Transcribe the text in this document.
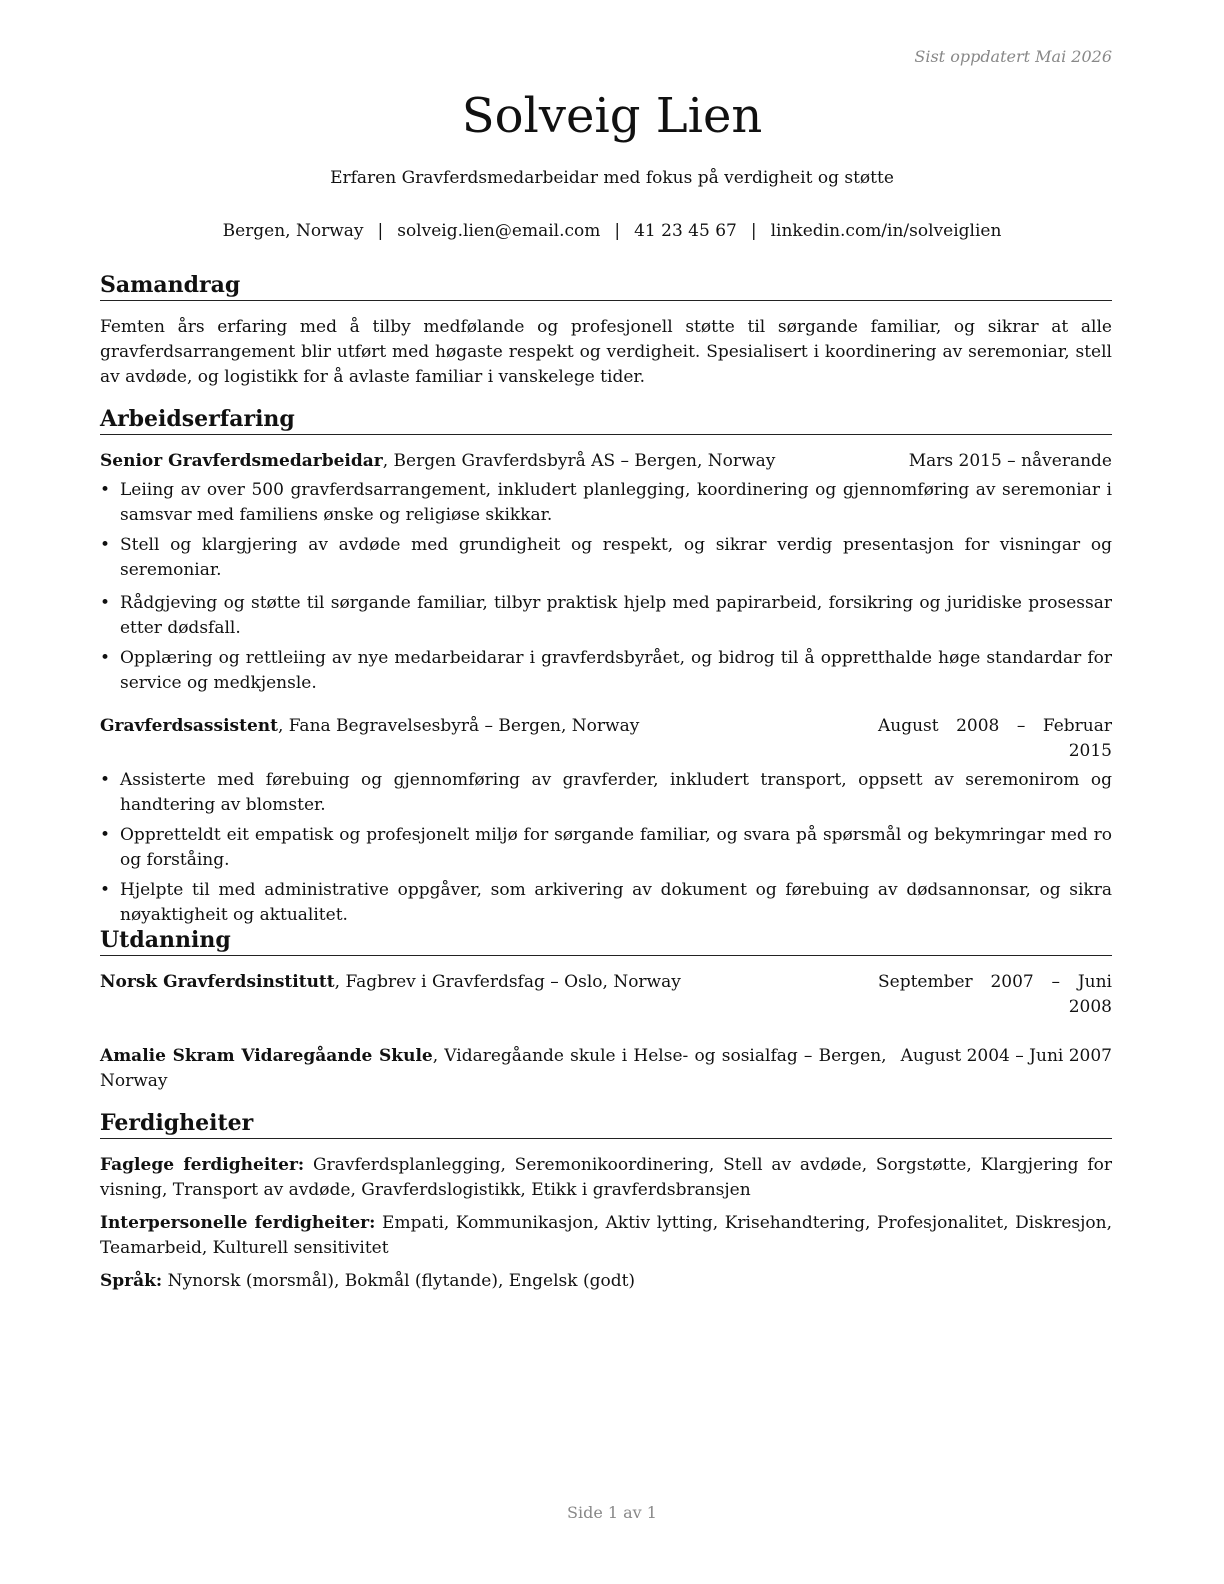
Sist oppdatert Mai 2026
Solveig Lien
Erfaren Gravferdsmedarbeidar med fokus på verdigheit og støtte
Bergen, Norway | solveig.lien@email.com | 41 23 45 67 | linkedin.com/in/solveiglien
Samandrag

Femten års erfaring med å tilby medfølande og profesjonell støtte til sørgande familiar, og sikrar at alle gravferdsarrangement blir utført med høgaste respekt og verdigheit. Spesialisert i koordinering av seremoniar, stell av avdøde, og logistikk for å avlaste familiar i vanskelege tider.

Arbeidserfaring
Senior Gravferdsmedarbeidar, Bergen Gravferdsbyrå AS – Bergen, Norway	Mars 2015 – nåverande
• Leiing av over 500 gravferdsarrangement, inkludert planlegging, koordinering og gjennomføring av seremoniar i samsvar med familiens ønske og religiøse skikkar.
• Stell og klargjering av avdøde med grundigheit og respekt, og sikrar verdig presentasjon for visningar og seremoniar.
• Rådgjeving og støtte til sørgande familiar, tilbyr praktisk hjelp med papirarbeid, forsikring og juridiske prosessar etter dødsfall.
• Opplæring og rettleiing av nye medarbeidarar i gravferdsbyrået, og bidrog til å oppretthalde høge standardar for service og medkjensle.
Gravferdsassistent, Fana Begravelsesbyrå – Bergen, Norway	August 2008 – Februar 2015
• Assisterte med førebuing og gjennomføring av gravferder, inkludert transport, oppsett av seremonirom og handtering av blomster.
• Oppretteldt eit empatisk og profesjonelt miljø for sørgande familiar, og svara på spørsmål og bekymringar med ro og forståing.
• Hjelpte til med administrative oppgåver, som arkivering av dokument og førebuing av dødsannonsar, og sikra nøyaktigheit og aktualitet.
Utdanning
Norsk Gravferdsinstitutt, Fagbrev i Gravferdsfag – Oslo, Norway	September 2007 – Juni 2008
Amalie Skram Vidaregåande Skule, Vidaregåande skule i Helse- og sosialfag – Bergen, Norway
August 2004 – Juni 2007
Ferdigheiter

Faglege ferdigheiter: Gravferdsplanlegging, Seremonikoordinering, Stell av avdøde, Sorgstøtte, Klargjering for visning, Transport av avdøde, Gravferdslogistikk, Etikk i gravferdsbransjen

Interpersonelle ferdigheiter: Empati, Kommunikasjon, Aktiv lytting, Krisehandtering, Profesjonalitet, Diskresjon, Teamarbeid, Kulturell sensitivitet

Språk: Nynorsk (morsmål), Bokmål (flytande), Engelsk (godt)

Side 1 av 1
